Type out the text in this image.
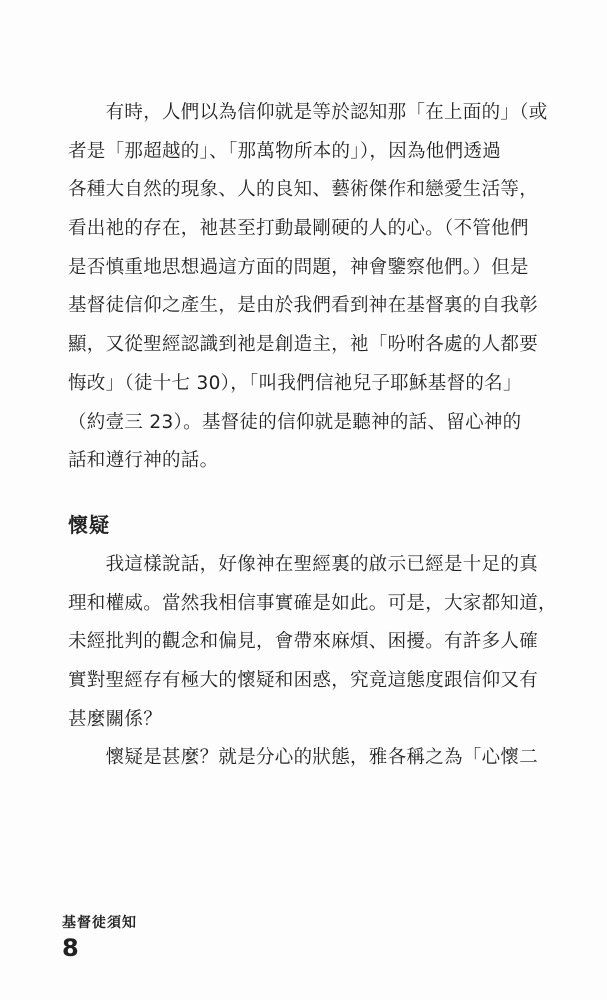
　　有時，人們以為信仰就是等於認知那「在上面的」（或
者是「那超越的」、「那萬物所本的」），因為他們透過
各種大自然的現象、人的良知、藝術傑作和戀愛生活等，
看出祂的存在，祂甚至打動最剛硬的人的心。（不管他們
是否慎重地思想過這方面的問題，神會鑒察他們。）但是
基督徒信仰之產生，是由於我們看到神在基督裏的自我彰
顯，又從聖經認識到祂是創造主，祂「吩咐各處的人都要
悔改」（徒十七 30），「叫我們信祂兒子耶穌基督的名」
（約壹三 23）。基督徒的信仰就是聽神的話、留心神的
話和遵行神的話。
懷疑
　　我這樣說話，好像神在聖經裏的啟示已經是十足的真
理和權威。當然我相信事實確是如此。可是，大家都知道，
未經批判的觀念和偏見，會帶來麻煩、困擾。有許多人確
實對聖經存有極大的懷疑和困惑，究竟這態度跟信仰又有
甚麼關係？
　　懷疑是甚麼？就是分心的狀態，雅各稱之為「心懷二
基督徒須知
8
